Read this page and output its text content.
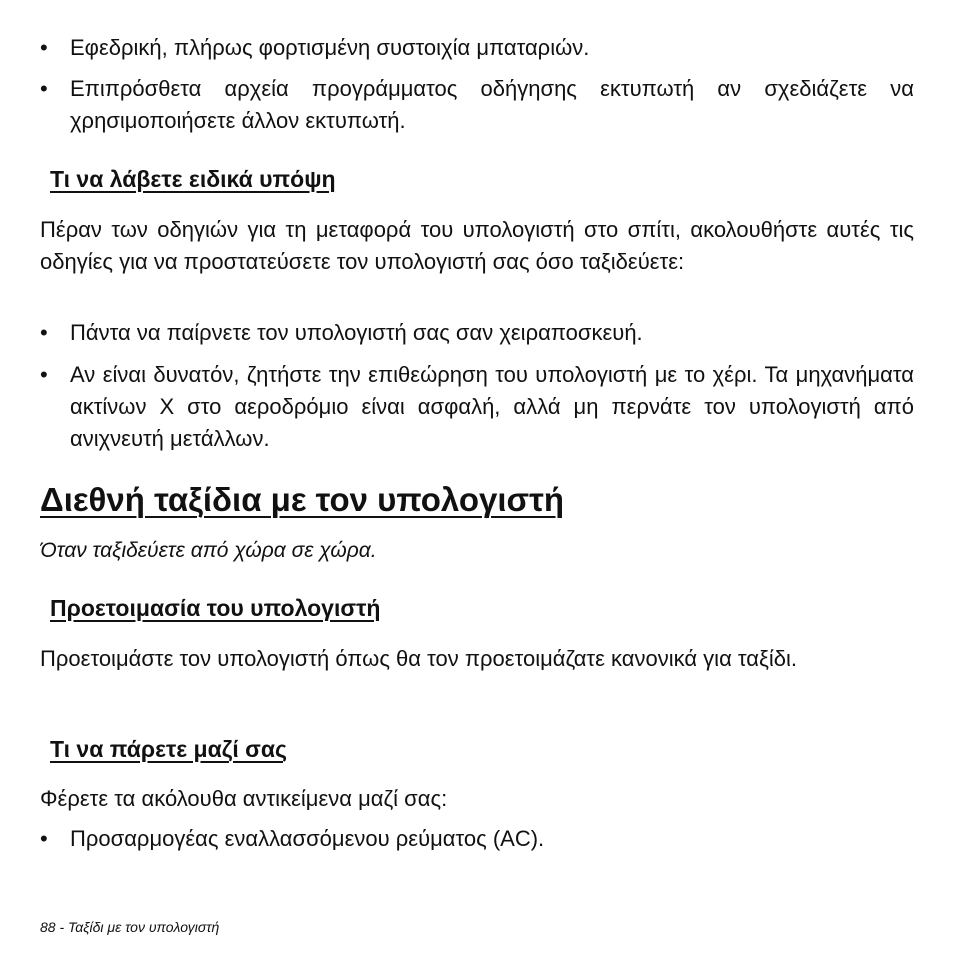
•	Εφεδρική, πλήρως φορτισμένη συστοιχία μπαταριών.
•	Επιπρόσθετα αρχεία προγράμματος οδήγησης εκτυπωτή αν σχεδιάζετε να χρησιμοποιήσετε άλλον εκτυπωτή.
Τι να λάβετε ειδικά υπόψη
Πέραν των οδηγιών για τη μεταφορά του υπολογιστή στο σπίτι, ακολουθήστε αυτές τις οδηγίες για να προστατεύσετε τον υπολογιστή σας όσο ταξιδεύετε:
•	Πάντα να παίρνετε τον υπολογιστή σας σαν χειραποσκευή.
•	Αν είναι δυνατόν, ζητήστε την επιθεώρηση του υπολογιστή με το χέρι. Τα μηχανήματα ακτίνων Χ στο αεροδρόμιο είναι ασφαλή, αλλά μη περνάτε τον υπολογιστή από ανιχνευτή μετάλλων.
Διεθνή ταξίδια με τον υπολογιστή
Όταν ταξιδεύετε από χώρα σε χώρα.
Προετοιμασία του υπολογιστή
Προετοιμάστε τον υπολογιστή όπως θα τον προετοιμάζατε κανονικά για ταξίδι.
Τι να πάρετε μαζί σας
Φέρετε τα ακόλουθα αντικείμενα μαζί σας:
•	Προσαρμογέας εναλλασσόμενου ρεύματος (AC).
88 - Ταξίδι με τον υπολογιστή
